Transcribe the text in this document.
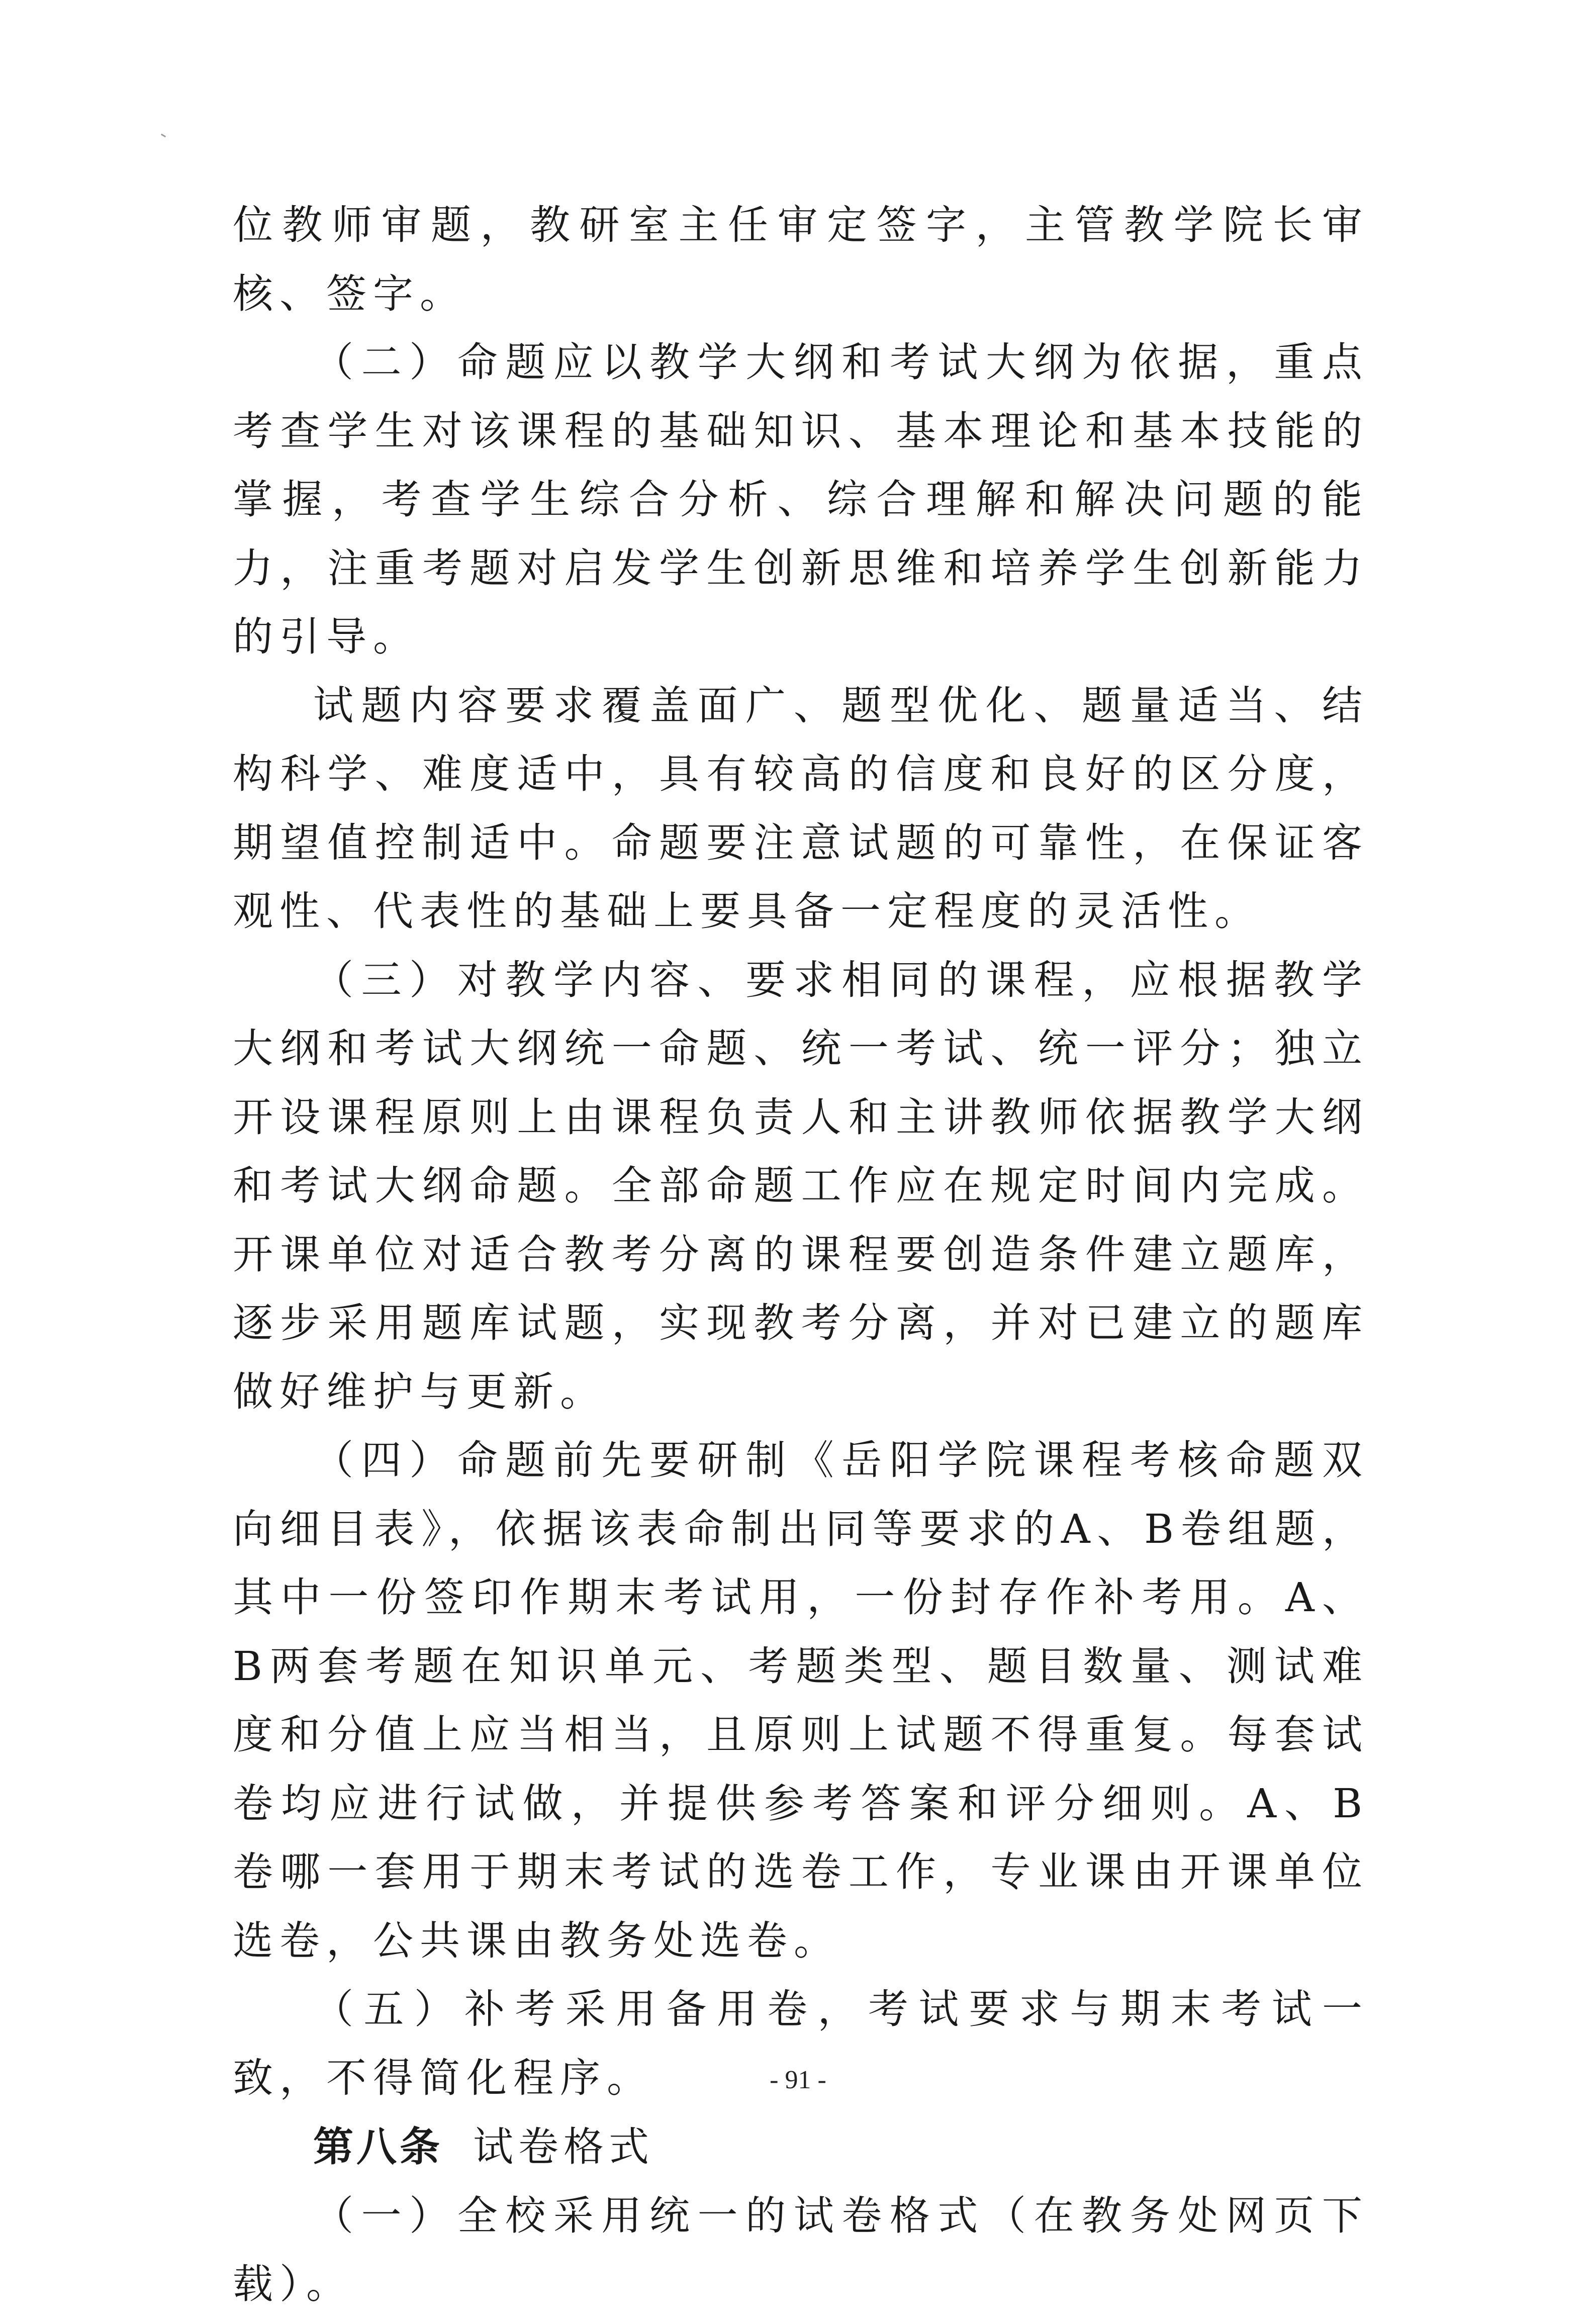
位教师审题，教研室主任审定签字，主管教学院长审核、签字。

（二）命题应以教学大纲和考试大纲为依据，重点考查学生对该课程的基础知识、基本理论和基本技能的掌握，考查学生综合分析、综合理解和解决问题的能力，注重考题对启发学生创新思维和培养学生创新能力的引导。

试题内容要求覆盖面广、题型优化、题量适当、结构科学、难度适中，具有较高的信度和良好的区分度，期望值控制适中。命题要注意试题的可靠性，在保证客观性、代表性的基础上要具备一定程度的灵活性。

（三）对教学内容、要求相同的课程，应根据教学大纲和考试大纲统一命题、统一考试、统一评分；独立开设课程原则上由课程负责人和主讲教师依据教学大纲和考试大纲命题。全部命题工作应在规定时间内完成。开课单位对适合教考分离的课程要创造条件建立题库，逐步采用题库试题，实现教考分离，并对已建立的题库做好维护与更新。

（四）命题前先要研制《岳阳学院课程考核命题双向细目表》，依据该表命制出同等要求的A、B卷组题，其中一份签印作期末考试用，一份封存作补考用。A、B两套考题在知识单元、考题类型、题目数量、测试难度和分值上应当相当，且原则上试题不得重复。每套试卷均应进行试做，并提供参考答案和评分细则。A、B卷哪一套用于期末考试的选卷工作，专业课由开课单位选卷，公共课由教务处选卷。

（五）补考采用备用卷，考试要求与期末考试一致，不得简化程序。

第八条 试卷格式

（一）全校采用统一的试卷格式（在教务处网页下载）。

- 91 -
